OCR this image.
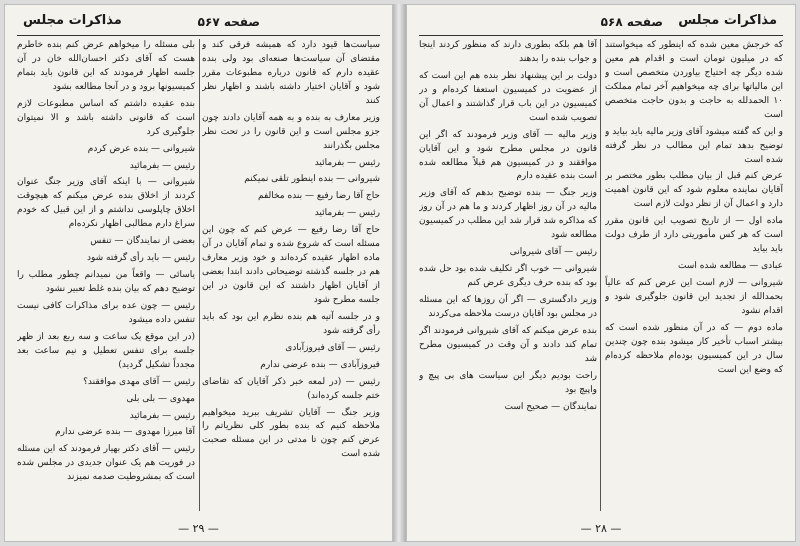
صفحه ۵۶۷
مذاکرات مجلس

سیاست‌ها قیود دارد که همیشه فرقی کند و مقتضای آن سیاست‌ها صنعه‌ای بود ولی بنده عقیده دارم که قانون درباره مطبوعات مقرر شود و آقایان اختیار داشته باشند و اظهار نظر کنند

وزیر معارف به بنده و به همه آقایان دادند چون جزو مجلس است و این قانون را در تحت نظر مجلس بگذرانند

رئیس — بفرمائید

شیروانی — بنده اینطور تلقی نمیکنم

حاج آقا رضا رفیع — بنده مخالفم

رئیس — بفرمائید

حاج آقا رضا رفیع — عرض کنم که چون این مسئله است که شروع شده و تمام آقایان در آن ماده اظهار عقیده کرده‌اند و خود وزیر معارف هم در جلسه گذشته توضیحاتی دادند ابتدا بعضی از آقایان اظهار داشتند که این قانون در این جلسه مطرح شود

و در جلسه آتیه هم بنده نظرم این بود که باید رأی گرفته شود

رئیس — آقای فیروزآبادی

فیروزآبادی — بنده عرضی ندارم

رئیس — (در لمعه خبر ذکر آقایان که تقاضای ختم جلسه کرده‌اند)

وزیر جنگ — آقایان تشریف ببرید میخواهیم ملاحظه کنیم که بنده بطور کلی نظریاتم را عرض کنم چون تا مدتی در این مسئله صحبت شده است

بلی مسئله را میخواهم عرض کنم بنده خاطرم هست که آقای دکتر احسان‌الله خان در آن جلسه اظهار فرمودند که این قانون باید بتمام کمیسیونها برود و در آنجا مطالعه بشود

بنده عقیده داشتم که اساس مطبوعات لازم است که قانونی داشته باشد و الا نمیتوان جلوگیری کرد

شیروانی — بنده عرض کردم

رئیس — بفرمائید

شیروانی — با اینکه آقای وزیر جنگ عنوان کردند از اخلاق بنده عرض میکنم که هیچوقت اخلاق چاپلوسی نداشتم و از این قبیل که خودم سراغ دارم مطالبی اظهار نکرده‌ام

بعضی از نمایندگان — تنفس

رئیس — باید رأی گرفته شود

یاسائی — واقعاً من نمیدانم چطور مطلب را توضیح دهم که بیان بنده غلط تعبیر نشود

رئیس — چون عده برای مذاکرات کافی نیست تنفس داده میشود

(در این موقع یک ساعت و سه ربع بعد از ظهر جلسه برای تنفس تعطیل و نیم ساعت بعد مجدداً تشکیل گردید)

رئیس — آقای مهدی موافقند؟

مهدوی — بلی بلی

رئیس — بفرمائید

آقا میرزا مهدوی — بنده عرضی ندارم

رئیس — آقای دکتر بهیار فرمودند که این مسئله در فوریت هم یک عنوان جدیدی در مجلس شده است که بمشروطیت صدمه نمیزند

— ۲۹ —
صفحه ۵۶۸ مذاکرات مجلس

که خرجش معین شده که اینطور که میخواستند که در میلیون تومان است و اقدام هم معین شده دیگر چه احتیاج بیاوردن متخصص است و این مالیاتها برای چه میخواهیم آخر تمام مملکت ۱۰ الحمدلله به حاجت و بدون حاجت متخصص است

و این که گفته میشود آقای وزیر مالیه باید بیاید و توضیح بدهد تمام این مطالب در نظر گرفته شده است

عرض کنم قبل از بیان مطلب بطور مختصر بر آقایان نماینده معلوم شود که این قانون اهمیت دارد و اعمال آن از نظر دولت لازم است

ماده اول — از تاریخ تصویب این قانون مقرر است که هر کس مأموریتی دارد از طرف دولت باید بیاید

عبادی — مطالعه شده است

شیروانی — لازم است این عرض کنم که عالیاً بحمدالله از تجدید این قانون جلوگیری شود و اقدام نشود

ماده دوم — که در آن منظور شده است که بیشتر اسباب تأخیر کار میشود بنده چون چندین سال در این کمیسیون بوده‌ام ملاحظه کرده‌ام که وضع این است

آقا هم بلکه بطوری دارند که منظور کردند اینجا و جواب بنده را بدهند

دولت بر این پیشنهاد نظر بنده هم این است که از عضویت در کمیسیون استعفا کرده‌ام و در کمیسیون در این باب قرار گذاشتند و اعمال آن تصویب شده است

وزیر مالیه — آقای وزیر فرمودند که اگر این قانون در مجلس مطرح شود و این آقایان موافقند و در کمیسیون هم قبلاً مطالعه شده است بنده عقیده دارم

وزیر جنگ — بنده توضیح بدهم که آقای وزیر مالیه در آن روز اظهار کردند و ما هم در آن روز که مذاکره شد قرار شد این مطلب در کمیسیون مطالعه شود

رئیس — آقای شیروانی

شیروانی — خوب اگر تکلیف شده بود حل شده بود که بنده حرف دیگری عرض کنم

وزیر دادگستری — اگر آن روزها که این مسئله در مجلس بود آقایان درست ملاحظه می‌کردند

بنده عرض میکنم که آقای شیروانی فرمودند اگر تمام کند دادند و آن وقت در کمیسیون مطرح شد

راحت بودیم دیگر این سیاست های بی پیچ و واپیچ بود

نمایندگان — صحیح است

— ۲۸ —
